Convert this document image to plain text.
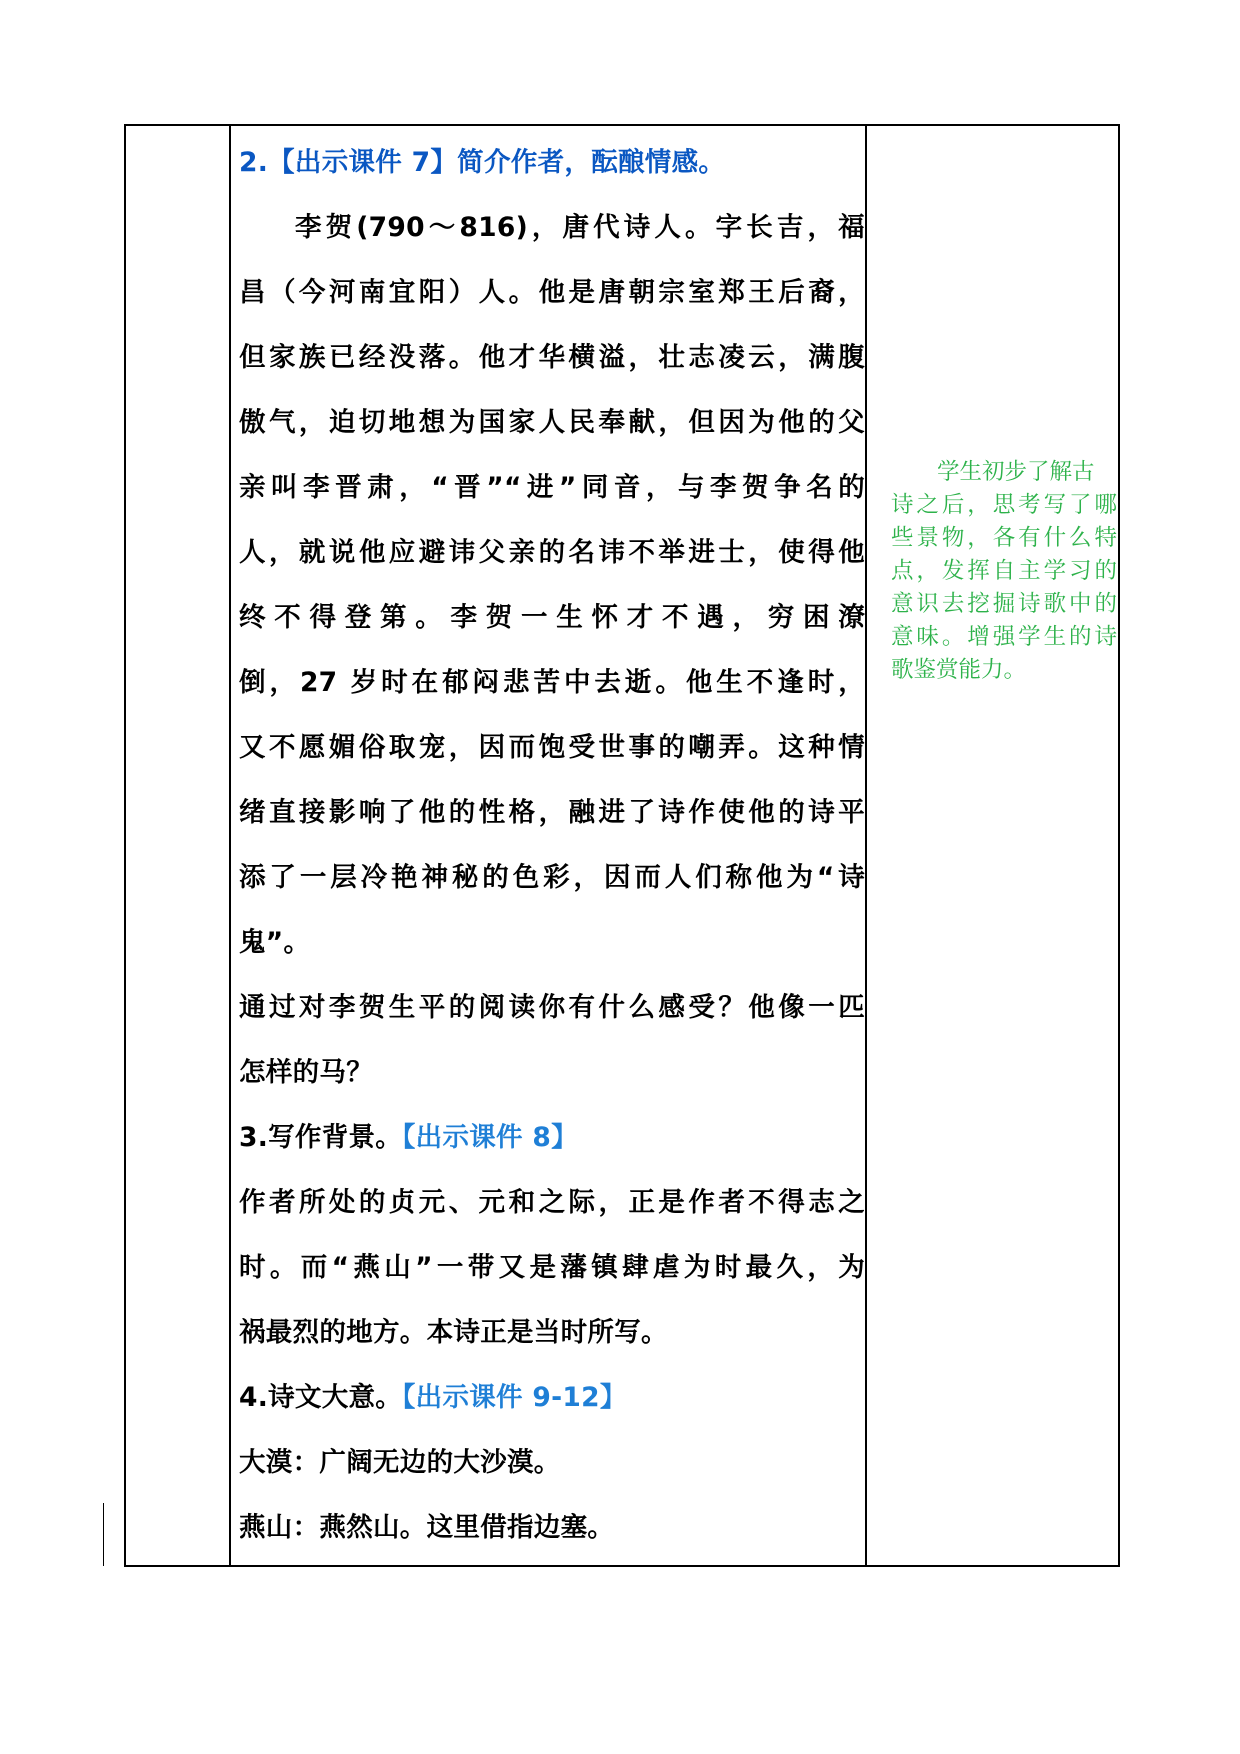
2.【出示课件 7】简介作者，酝酿情感。
李贺(790～816)，唐代诗人。字长吉，福
昌（今河南宜阳）人。他是唐朝宗室郑王后裔，
但家族已经没落。他才华横溢，壮志凌云，满腹
傲气，迫切地想为国家人民奉献，但因为他的父
亲叫李晋肃，“晋”“进”同音，与李贺争名的
人，就说他应避讳父亲的名讳不举进士，使得他
终不得登第。李贺一生怀才不遇，穷困潦
倒，27 岁时在郁闷悲苦中去逝。他生不逢时，
又不愿媚俗取宠，因而饱受世事的嘲弄。这种情
绪直接影响了他的性格，融进了诗作使他的诗平
添了一层冷艳神秘的色彩，因而人们称他为“诗
鬼”。
通过对李贺生平的阅读你有什么感受？他像一匹
怎样的马？
3.写作背景。【出示课件 8】
作者所处的贞元、元和之际，正是作者不得志之
时。而“燕山”一带又是藩镇肆虐为时最久，为
祸最烈的地方。本诗正是当时所写。
4.诗文大意。【出示课件 9-12】
大漠：广阔无边的大沙漠。
燕山：燕然山。这里借指边塞。
学生初步了解古
诗之后，思考写了哪
些景物，各有什么特
点，发挥自主学习的
意识去挖掘诗歌中的
意味。增强学生的诗
歌鉴赏能力。
